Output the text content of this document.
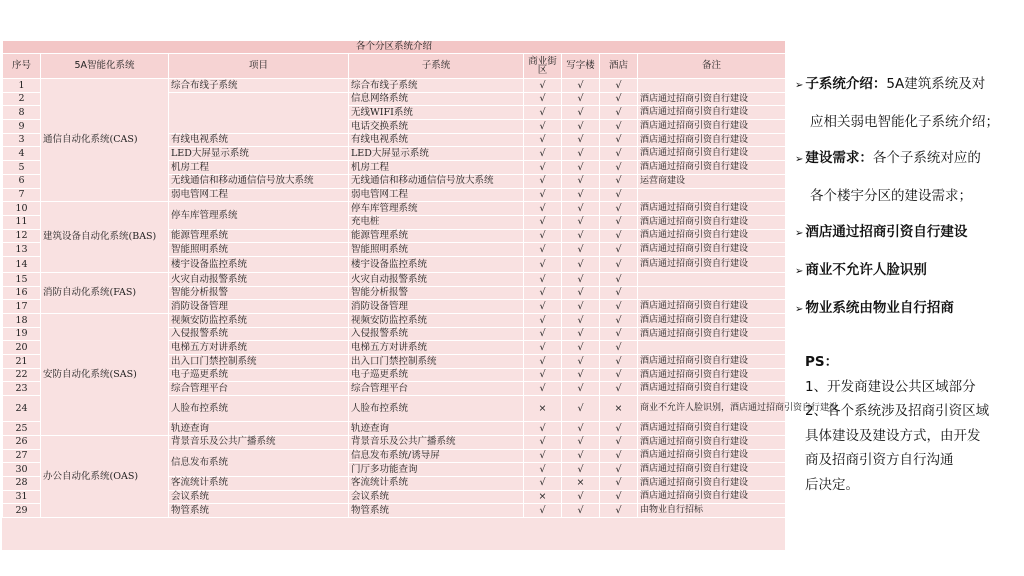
各个分区系统介绍							
序号	5A智能化系统	项目	子系统	商业街区	写字楼	酒店	备注
1	通信自动化系统(CAS)	综合布线子系统	综合布线子系统	√	√	√	
2			信息网络系统	√	√	√	酒店通过招商引资自行建设
8			无线WIFI系统	√	√	√	酒店通过招商引资自行建设
9			电话交换系统	√	√	√	酒店通过招商引资自行建设
3		有线电视系统	有线电视系统	√	√	√	酒店通过招商引资自行建设
4		LED大屏显示系统	LED大屏显示系统	√	√	√	酒店通过招商引资自行建设
5		机房工程	机房工程	√	√	√	酒店通过招商引资自行建设
6		无线通信和移动通信信号放大系统	无线通信和移动通信信号放大系统	√	√	√	运营商建设
7		弱电管网工程	弱电管网工程	√	√	√	
10	建筑设备自动化系统(BAS)	停车库管理系统	停车库管理系统	√	√	√	酒店通过招商引资自行建设
11			充电桩	√	√	√	酒店通过招商引资自行建设
12		能源管理系统	能源管理系统	√	√	√	酒店通过招商引资自行建设
13		智能照明系统	智能照明系统	√	√	√	酒店通过招商引资自行建设
14		楼宇设备监控系统	楼宇设备监控系统	√	√	√	酒店通过招商引资自行建设
15	消防自动化系统(FAS)	火灾自动报警系统	火灾自动报警系统	√	√	√	
16		智能分析报警	智能分析报警	√	√	√	
17		消防设备管理	消防设备管理	√	√	√	酒店通过招商引资自行建设
18	安防自动化系统(SAS)	视频安防监控系统	视频安防监控系统	√	√	√	酒店通过招商引资自行建设
19		入侵报警系统	入侵报警系统	√	√	√	酒店通过招商引资自行建设
20		电梯五方对讲系统	电梯五方对讲系统	√	√	√	
21		出入口门禁控制系统	出入口门禁控制系统	√	√	√	酒店通过招商引资自行建设
22		电子巡更系统	电子巡更系统	√	√	√	酒店通过招商引资自行建设
23		综合管理平台	综合管理平台	√	√	√	酒店通过招商引资自行建设
24		人脸布控系统	人脸布控系统	×	√	×	商业不允许人脸识别，酒店通过招商引资自行建设
25		轨迹查询	轨迹查询	√	√	√	酒店通过招商引资自行建设
26	办公自动化系统(OAS)	背景音乐及公共广播系统	背景音乐及公共广播系统	√	√	√	酒店通过招商引资自行建设
27		信息发布系统	信息发布系统/诱导屏	√	√	√	酒店通过招商引资自行建设
30			门厅多功能查询	√	√	√	酒店通过招商引资自行建设
28		客流统计系统	客流统计系统	√	×	√	酒店通过招商引资自行建设
31		会议系统	会议系统	×	√	√	酒店通过招商引资自行建设
29		物管系统	物管系统	√	√	√	由物业自行招标
➢ 子系统介绍：5A建筑系统及对
应相关弱电智能化子系统介绍；
➢ 建设需求：各个子系统对应的
各个楼宇分区的建设需求；
➢ 酒店通过招商引资自行建设
➢ 商业不允许人脸识别
➢ 物业系统由物业自行招商
PS：
1、开发商建设公共区域部分
2、各个系统涉及招商引资区域
具体建设及建设方式，由开发
商及招商引资方自行沟通
后决定。
